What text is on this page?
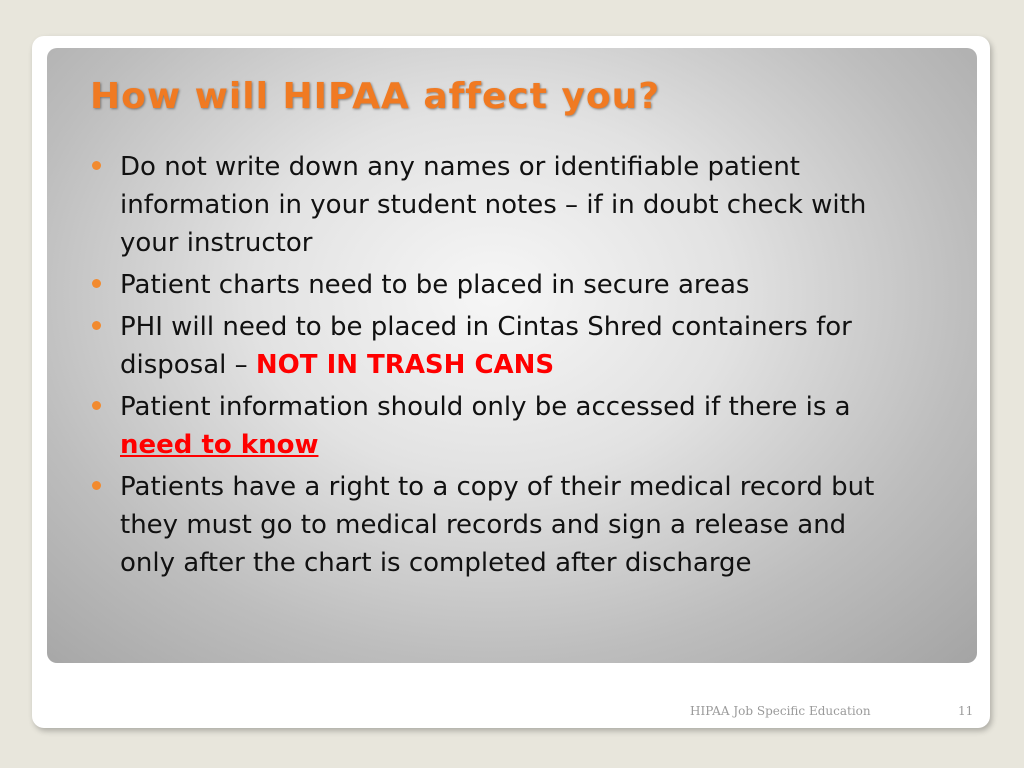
How will HIPAA affect you?
Do not write down any names or identifiable patient information in your student notes – if in doubt check with your instructor
Patient charts need to be placed in secure areas
PHI will need to be placed in Cintas Shred containers for disposal – NOT IN TRASH CANS
Patient information should only be accessed if there is a need to know
Patients have a right to a copy of their medical record but they must go to medical records and sign a release and only after the chart is completed after discharge
HIPAA Job Specific Education	11
